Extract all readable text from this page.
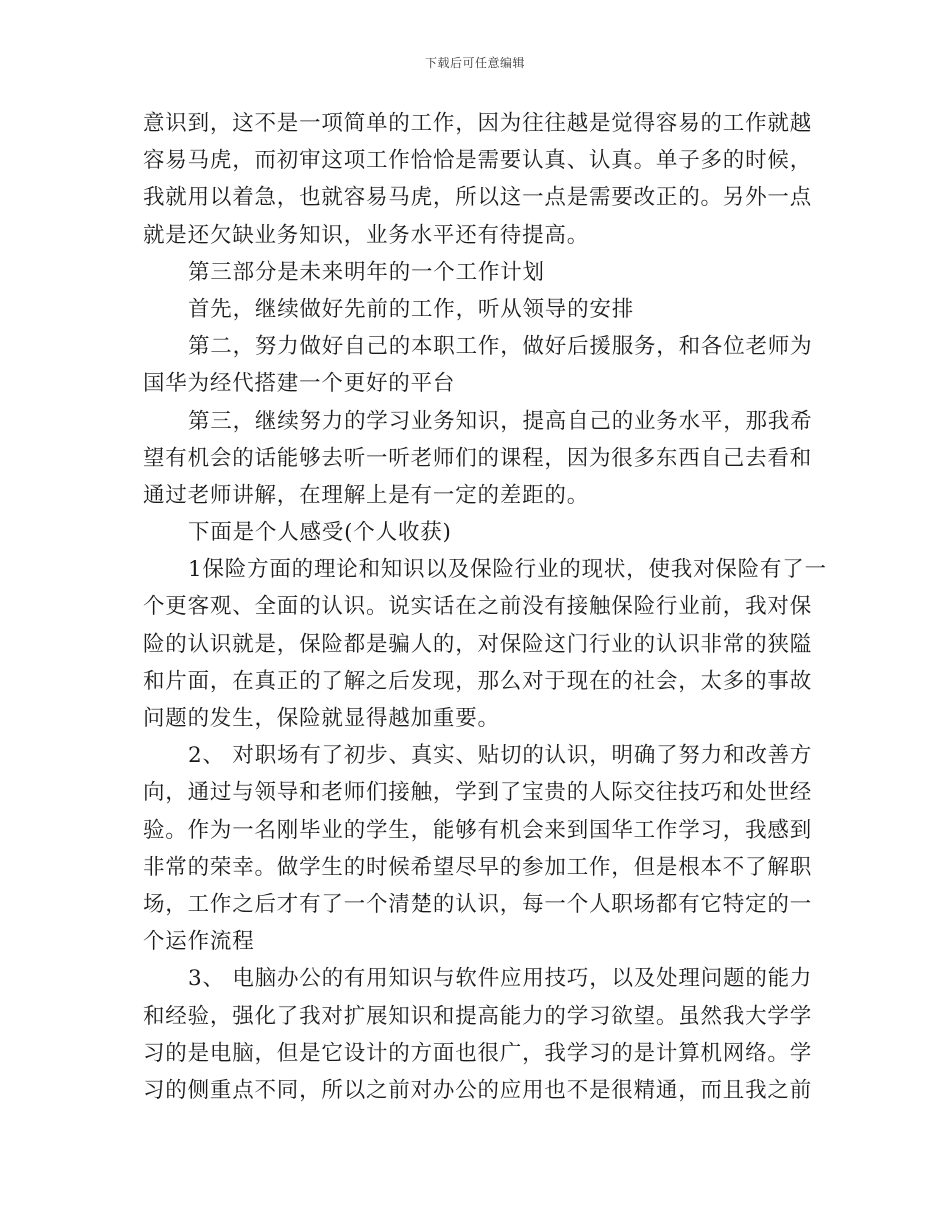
下载后可任意编辑
意识到，这不是一项简单的工作，因为往往越是觉得容易的工作就越
容易马虎，而初审这项工作恰恰是需要认真、认真。单子多的时候，
我就用以着急，也就容易马虎，所以这一点是需要改正的。另外一点
就是还欠缺业务知识，业务水平还有待提高。
第三部分是未来明年的一个工作计划
首先，继续做好先前的工作，听从领导的安排
第二，努力做好自己的本职工作，做好后援服务，和各位老师为
国华为经代搭建一个更好的平台
第三，继续努力的学习业务知识，提高自己的业务水平，那我希
望有机会的话能够去听一听老师们的课程，因为很多东西自己去看和
通过老师讲解，在理解上是有一定的差距的。
下面是个人感受(个人收获)
1保险方面的理论和知识以及保险行业的现状，使我对保险有了一
个更客观、全面的认识。说实话在之前没有接触保险行业前，我对保
险的认识就是，保险都是骗人的，对保险这门行业的认识非常的狭隘
和片面，在真正的了解之后发现，那么对于现在的社会，太多的事故
问题的发生，保险就显得越加重要。
2、 对职场有了初步、真实、贴切的认识，明确了努力和改善方
向，通过与领导和老师们接触，学到了宝贵的人际交往技巧和处世经
验。作为一名刚毕业的学生，能够有机会来到国华工作学习，我感到
非常的荣幸。做学生的时候希望尽早的参加工作，但是根本不了解职
场，工作之后才有了一个清楚的认识，每一个人职场都有它特定的一
个运作流程
3、 电脑办公的有用知识与软件应用技巧，以及处理问题的能力
和经验，强化了我对扩展知识和提高能力的学习欲望。虽然我大学学
习的是电脑，但是它设计的方面也很广，我学习的是计算机网络。学
习的侧重点不同，所以之前对办公的应用也不是很精通，而且我之前
